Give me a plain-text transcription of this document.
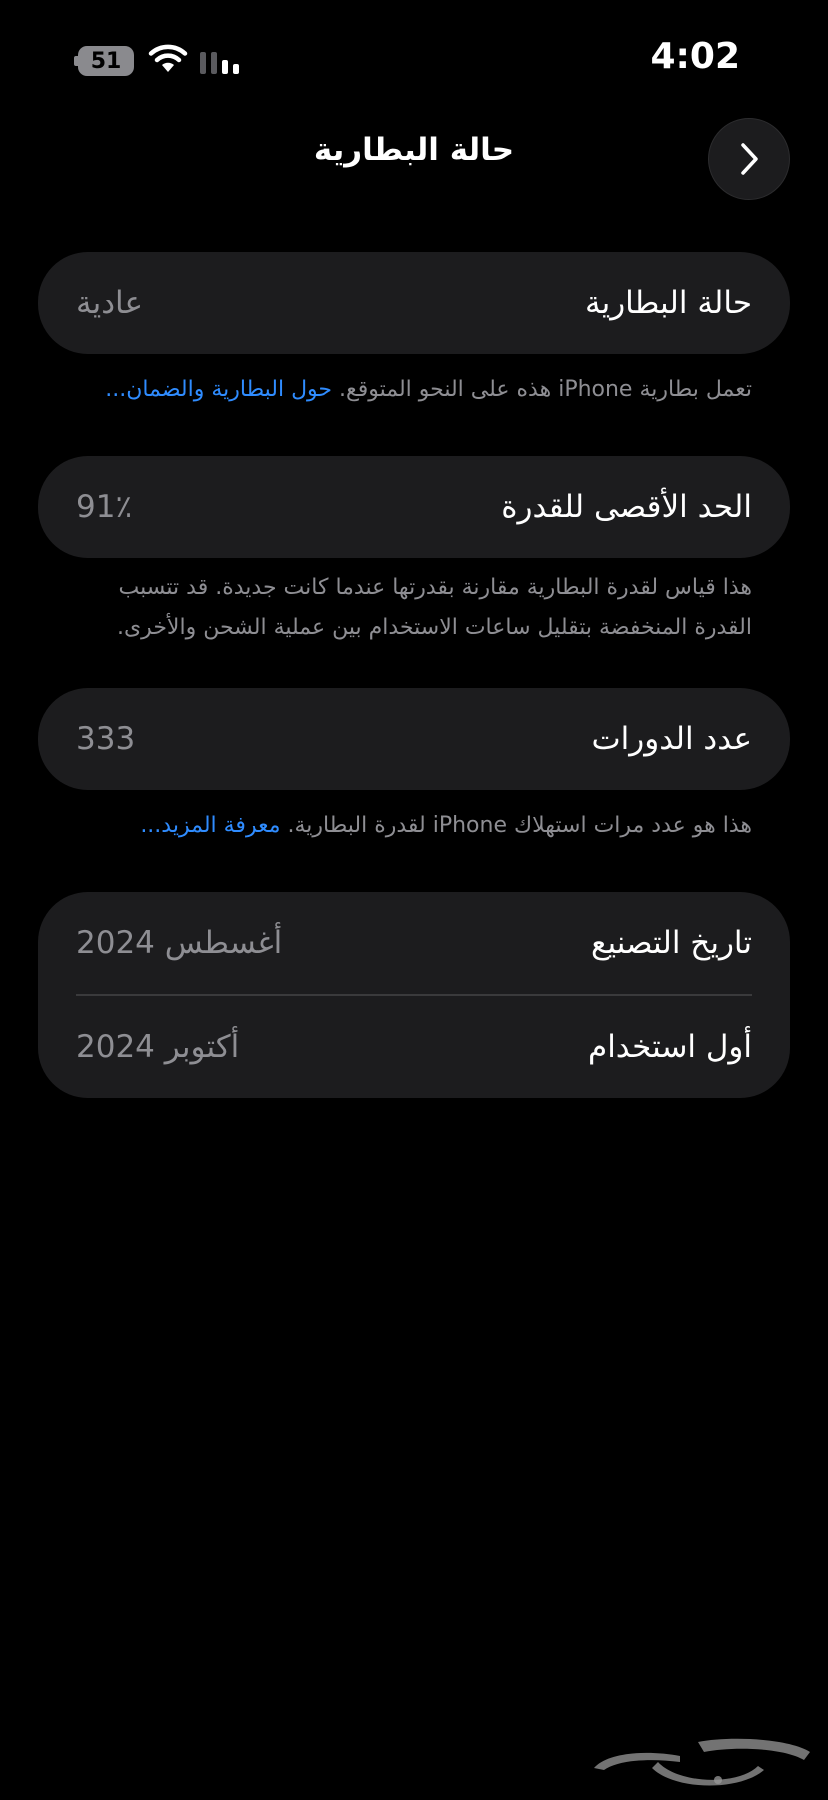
51	4:02
حالة البطارية
حالة البطارية
عادية
تعمل بطارية iPhone هذه على النحو المتوقع. حول البطارية والضمان...
الحد الأقصى للقدرة
91٪
هذا قياس لقدرة البطارية مقارنة بقدرتها عندما كانت جديدة. قد تتسبب القدرة المنخفضة بتقليل ساعات الاستخدام بين عملية الشحن والأخرى.
عدد الدورات
333
هذا هو عدد مرات استهلاك iPhone لقدرة البطارية. معرفة المزيد...
تاريخ التصنيع
أغسطس 2024
أول استخدام
أكتوبر 2024
